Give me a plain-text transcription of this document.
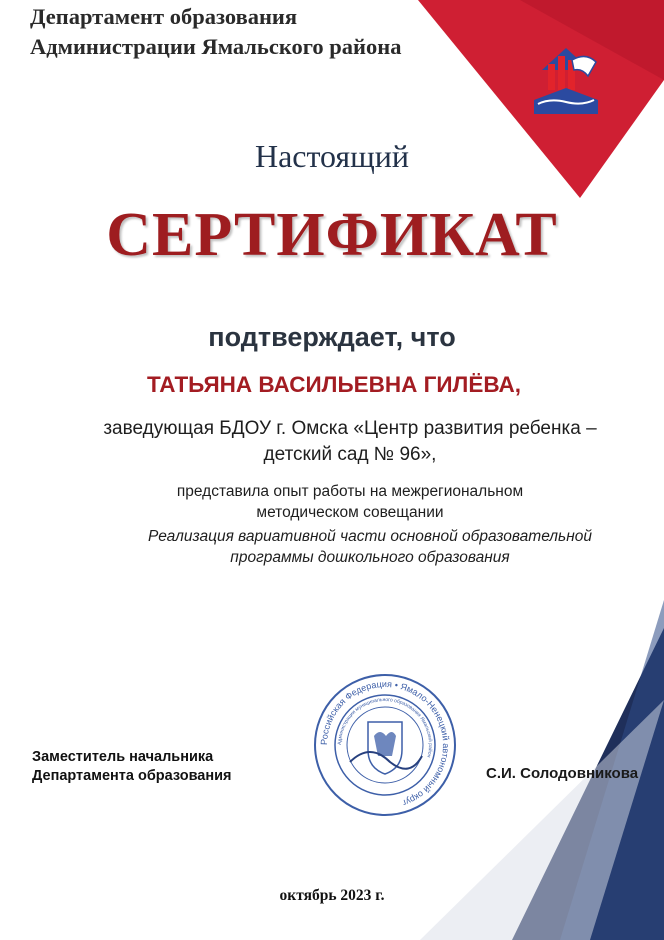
Департамент образования
Администрации Ямальского района
Настоящий
СЕРТИФИКАТ
подтверждает, что
ТАТЬЯНА ВАСИЛЬЕВНА ГИЛЁВА,
заведующая БДОУ г. Омска «Центр развития ребенка –
детский сад № 96»,
представила опыт работы на межрегиональном
методическом совещании
Реализация вариативной части основной образовательной
программы дошкольного образования
Российская Федерация • Ямало-Ненецкий автономный округ
Администрации муниципального образования Ямальский район
Заместитель начальника
Департамента образования	С.И. Солодовникова
октябрь 2023 г.
